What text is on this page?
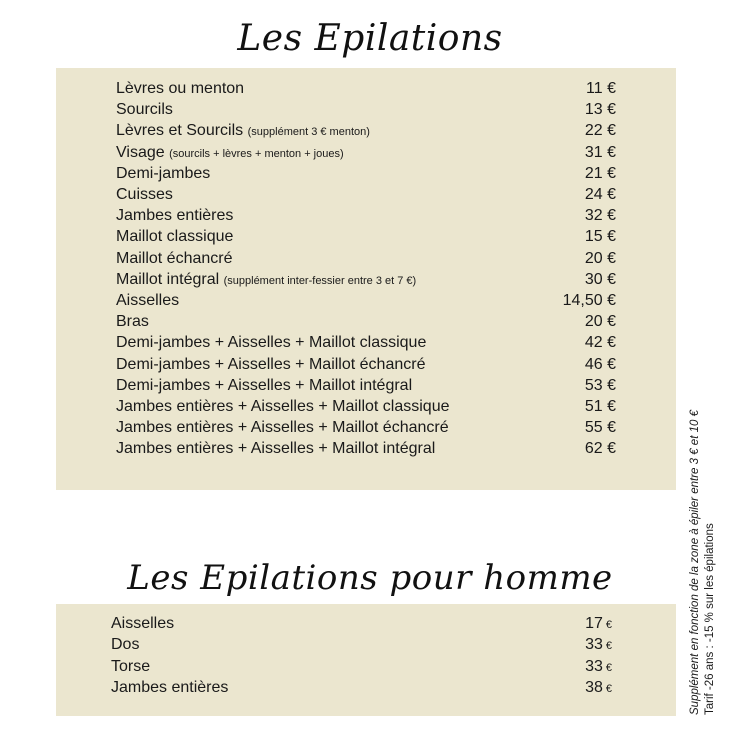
Les Epilations
Lèvres ou menton	11 €
Sourcils	13 €
Lèvres et Sourcils (supplément 3 € menton)	22 €
Visage (sourcils + lèvres + menton + joues)	31 €
Demi-jambes	21 €
Cuisses	24 €
Jambes entières	32 €
Maillot classique	15 €
Maillot échancré	20 €
Maillot intégral (supplément inter-fessier entre 3 et 7 €)	30 €
Aisselles	14,50 €
Bras	20 €
Demi-jambes + Aisselles + Maillot classique	42 €
Demi-jambes + Aisselles + Maillot échancré	46 €
Demi-jambes + Aisselles + Maillot intégral	53 €
Jambes entières + Aisselles + Maillot classique	51 €
Jambes entières + Aisselles + Maillot échancré	55 €
Jambes entières + Aisselles + Maillot intégral	62 €
Les Epilations pour homme
Aisselles	17 €
Dos	33 €
Torse	33 €
Jambes entières	38 €	Supplément en fonction de la zone à épiler entre 3 € et 10 € Tarif -26 ans : -15 % sur les épilations
